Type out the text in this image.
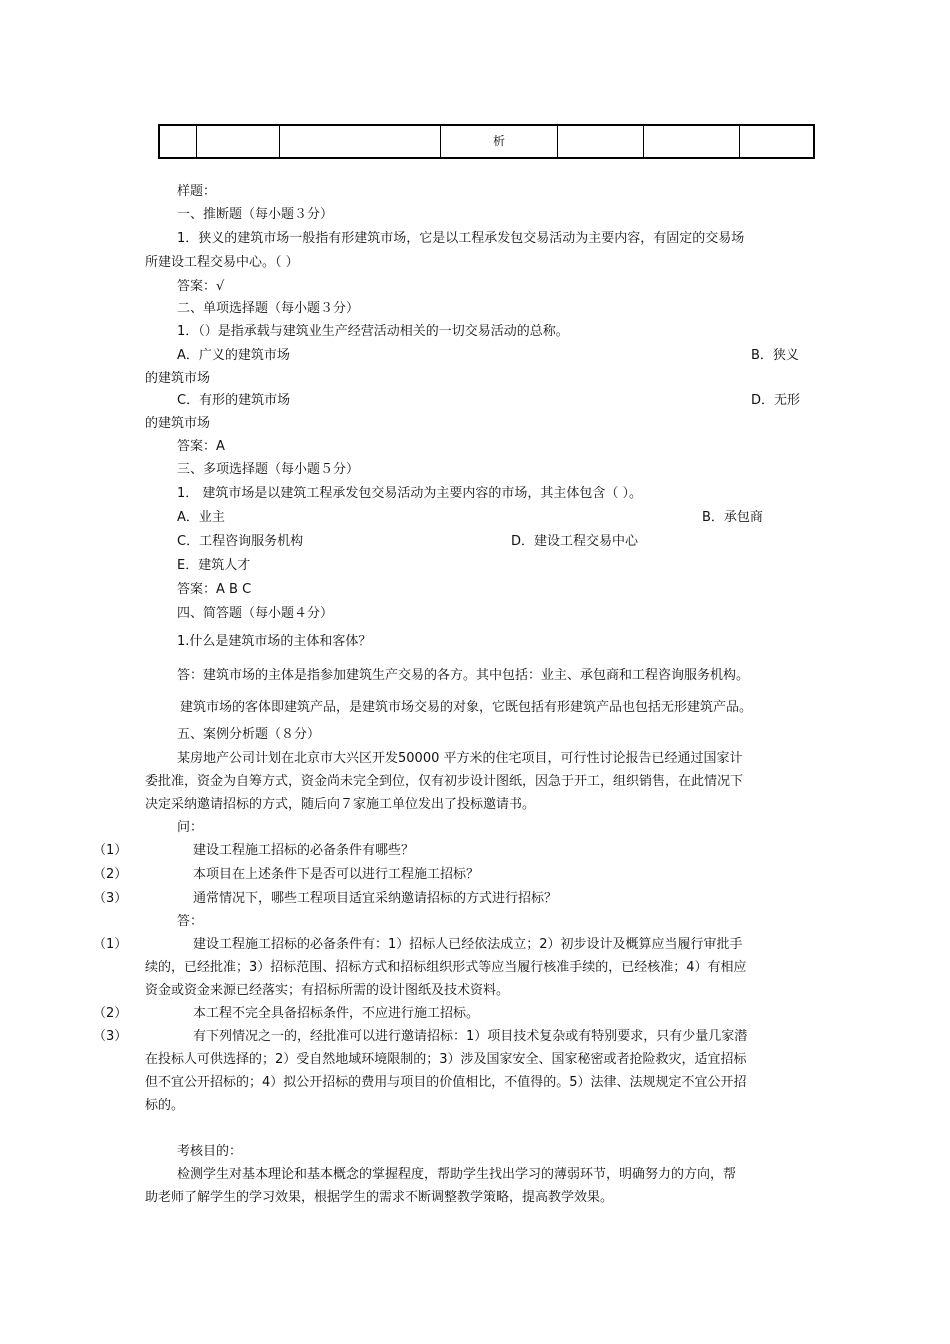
			析			
样题：
一、推断题（每小题３分）
1．狭义的建筑市场一般指有形建筑市场，它是以工程承发包交易活动为主要内容，有固定的交易场
所建设工程交易中心。（ ）
答案：√
二、单项选择题（每小题３分）
1．（）是指承载与建筑业生产经营活动相关的一切交易活动的总称。
A．广义的建筑市场	B．狭义
的建筑市场
C．有形的建筑市场	D．无形
的建筑市场
答案：A
三、多项选择题（每小题５分）
1． 建筑市场是以建筑工程承发包交易活动为主要内容的市场，其主体包含（ ）。
A．业主	B．承包商
C．工程咨询服务机构	D．建设工程交易中心
E．建筑人才
答案：A B C
四、简答题（每小题４分）
1.什么是建筑市场的主体和客体？
答：建筑市场的主体是指参加建筑生产交易的各方。其中包括：业主、承包商和工程咨询服务机构。
建筑市场的客体即建筑产品，是建筑市场交易的对象，它既包括有形建筑产品也包括无形建筑产品。
五、案例分析题（８分）
某房地产公司计划在北京市大兴区开发50000 平方米的住宅项目，可行性讨论报告已经通过国家计
委批准，资金为自筹方式，资金尚未完全到位，仅有初步设计图纸，因急于开工，组织销售，在此情况下
决定采纳邀请招标的方式，随后向７家施工单位发出了投标邀请书。
问：
（1）	建设工程施工招标的必备条件有哪些？
（2）	本项目在上述条件下是否可以进行工程施工招标？
（3）	通常情况下，哪些工程项目适宜采纳邀请招标的方式进行招标？
答：
（1）	建设工程施工招标的必备条件有：1）招标人已经依法成立；2）初步设计及概算应当履行审批手
续的，已经批准；3）招标范围、招标方式和招标组织形式等应当履行核准手续的，已经核准；4）有相应
资金或资金来源已经落实；有招标所需的设计图纸及技术资料。
（2）	本工程不完全具备招标条件，不应进行施工招标。
（3）	有下列情况之一的，经批准可以进行邀请招标：1）项目技术复杂或有特别要求，只有少量几家潜
在投标人可供选择的；2）受自然地域环境限制的；3）涉及国家安全、国家秘密或者抢险救灾，适宜招标
但不宜公开招标的；4）拟公开招标的费用与项目的价值相比，不值得的。5）法律、法规规定不宜公开招
标的。
考核目的：
检测学生对基本理论和基本概念的掌握程度，帮助学生找出学习的薄弱环节，明确努力的方向，帮
助老师了解学生的学习效果，根据学生的需求不断调整教学策略，提高教学效果。
